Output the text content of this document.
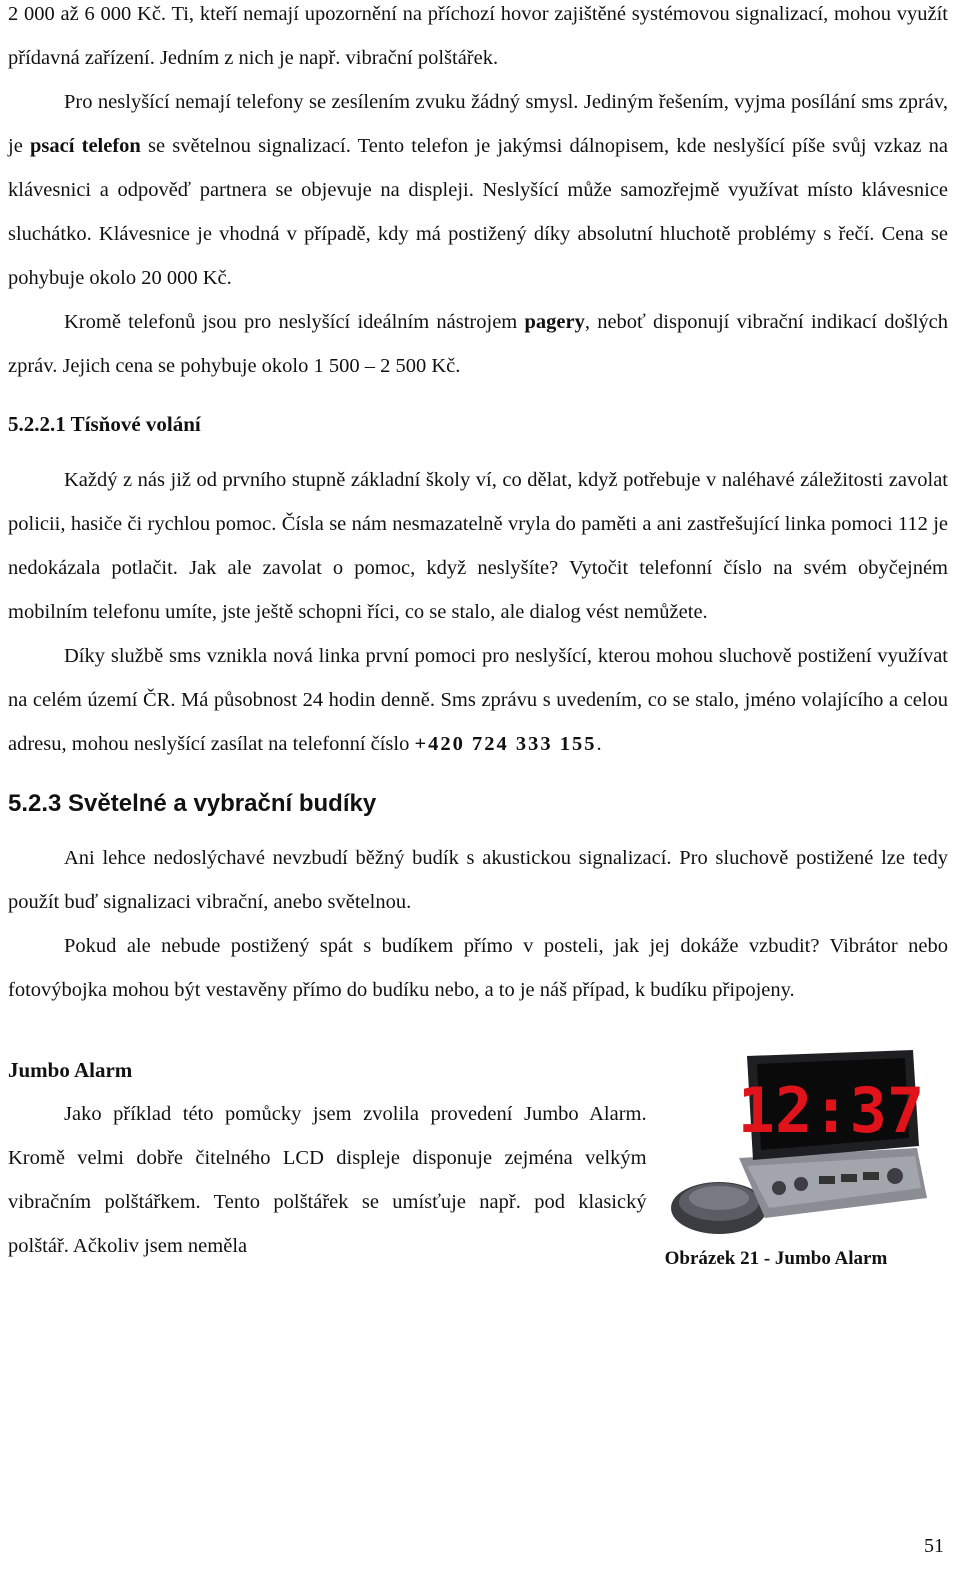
2 000 až 6 000 Kč. Ti, kteří nemají upozornění na příchozí hovor zajištěné systémovou signalizací, mohou využít přídavná zařízení. Jedním z nich je např. vibrační polštářek.

Pro neslyšící nemají telefony se zesílením zvuku žádný smysl. Jediným řešením, vyjma posílání sms zpráv, je psací telefon se světelnou signalizací. Tento telefon je jakýmsi dálnopisem, kde neslyšící píše svůj vzkaz na klávesnici a odpověď partnera se objevuje na displeji. Neslyšící může samozřejmě využívat místo klávesnice sluchátko. Klávesnice je vhodná v případě, kdy má postižený díky absolutní hluchotě problémy s řečí. Cena se pohybuje okolo 20 000 Kč.

Kromě telefonů jsou pro neslyšící ideálním nástrojem pagery, neboť disponují vibrační indikací došlých zpráv. Jejich cena se pohybuje okolo 1 500 – 2 500 Kč.

5.2.2.1 Tísňové volání

Každý z nás již od prvního stupně základní školy ví, co dělat, když potřebuje v naléhavé záležitosti zavolat policii, hasiče či rychlou pomoc. Čísla se nám nesmazatelně vryla do paměti a ani zastřešující linka pomoci 112 je nedokázala potlačit. Jak ale zavolat o pomoc, když neslyšíte? Vytočit telefonní číslo na svém obyčejném mobilním telefonu umíte, jste ještě schopni říci, co se stalo, ale dialog vést nemůžete.

Díky službě sms vznikla nová linka první pomoci pro neslyšící, kterou mohou sluchově postižení využívat na celém území ČR. Má působnost 24 hodin denně. Sms zprávu s uvedením, co se stalo, jméno volajícího a celou adresu, mohou neslyšící zasílat na telefonní číslo +420 724 333 155.

5.2.3 Světelné a vybrační budíky

Ani lehce nedoslýchavé nevzbudí běžný budík s akustickou signalizací. Pro sluchově postižené lze tedy použít buď signalizaci vibrační, anebo světelnou.

Pokud ale nebude postižený spát s budíkem přímo v posteli, jak jej dokáže vzbudit? Vibrátor nebo fotovýbojka mohou být vestavěny přímo do budíku nebo, a to je náš případ, k budíku připojeny.

Jumbo Alarm

Jako příklad této pomůcky jsem zvolila provedení Jumbo Alarm. Kromě velmi dobře čitelného LCD displeje disponuje zejména velkým vibračním polštářkem. Tento polštářek se umísťuje např. pod klasický polštář. Ačkoliv jsem neměla

12:37
Obrázek 21 - Jumbo Alarm
51
